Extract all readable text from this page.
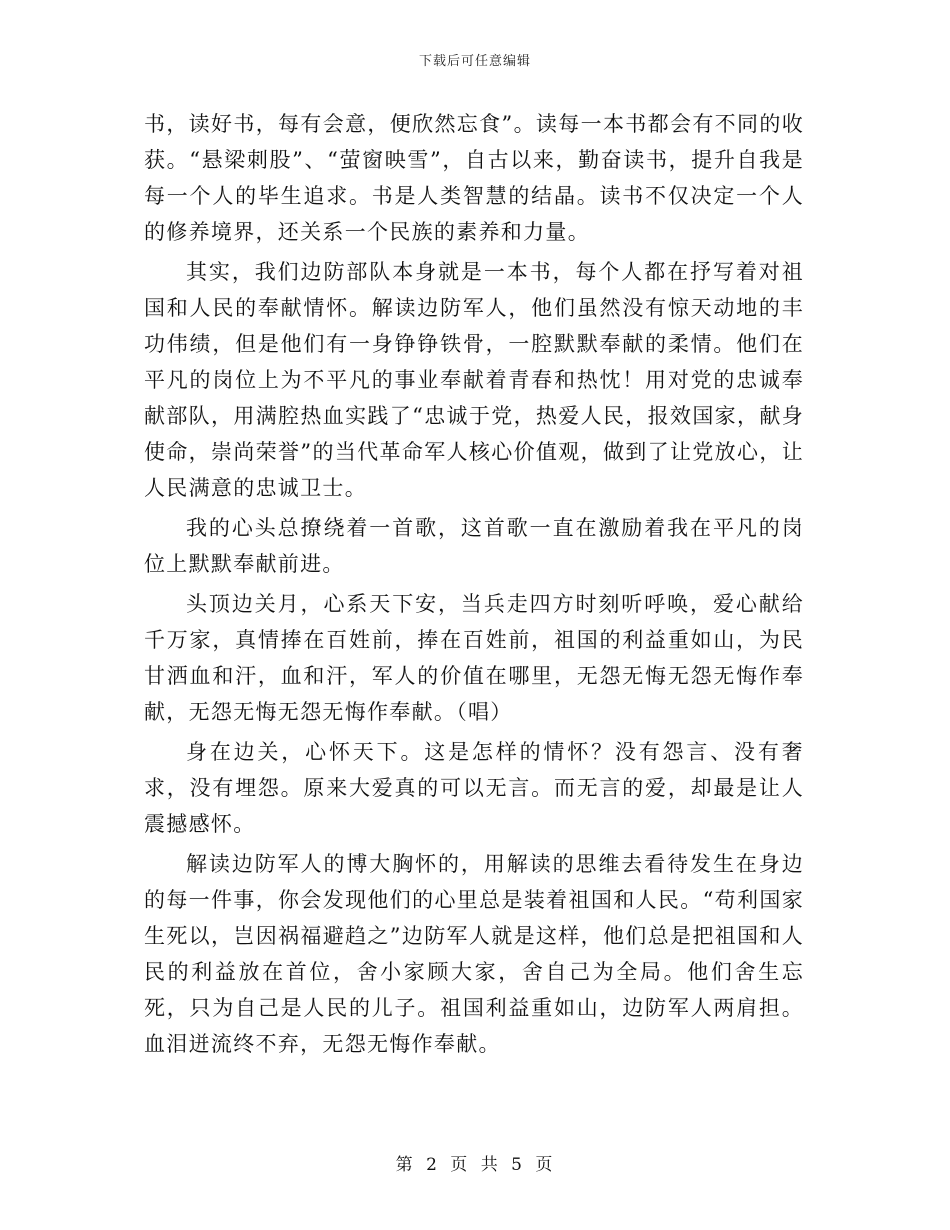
下载后可任意编辑

书，读好书，每有会意，便欣然忘食”。读每一本书都会有不同的收获。“悬梁刺股”、“萤窗映雪”，自古以来，勤奋读书，提升自我是每一个人的毕生追求。书是人类智慧的结晶。读书不仅决定一个人的修养境界，还关系一个民族的素养和力量。

其实，我们边防部队本身就是一本书，每个人都在抒写着对祖国和人民的奉献情怀。解读边防军人，他们虽然没有惊天动地的丰功伟绩，但是他们有一身铮铮铁骨，一腔默默奉献的柔情。他们在平凡的岗位上为不平凡的事业奉献着青春和热忱！用对党的忠诚奉献部队，用满腔热血实践了“忠诚于党，热爱人民，报效国家，献身使命，崇尚荣誉”的当代革命军人核心价值观，做到了让党放心，让人民满意的忠诚卫士。

我的心头总撩绕着一首歌，这首歌一直在激励着我在平凡的岗位上默默奉献前进。

头顶边关月，心系天下安，当兵走四方时刻听呼唤，爱心献给千万家，真情捧在百姓前，捧在百姓前，祖国的利益重如山，为民甘洒血和汗，血和汗，军人的价值在哪里，无怨无悔无怨无悔作奉献，无怨无悔无怨无悔作奉献。（唱）

身在边关，心怀天下。这是怎样的情怀？没有怨言、没有奢求，没有埋怨。原来大爱真的可以无言。而无言的爱，却最是让人震撼感怀。

解读边防军人的博大胸怀的，用解读的思维去看待发生在身边的每一件事，你会发现他们的心里总是装着祖国和人民。“苟利国家生死以，岂因祸福避趋之”边防军人就是这样，他们总是把祖国和人民的利益放在首位，舍小家顾大家，舍自己为全局。他们舍生忘死，只为自己是人民的儿子。祖国利益重如山，边防军人两肩担。血泪迸流终不弃，无怨无悔作奉献。

第 2 页 共 5 页
